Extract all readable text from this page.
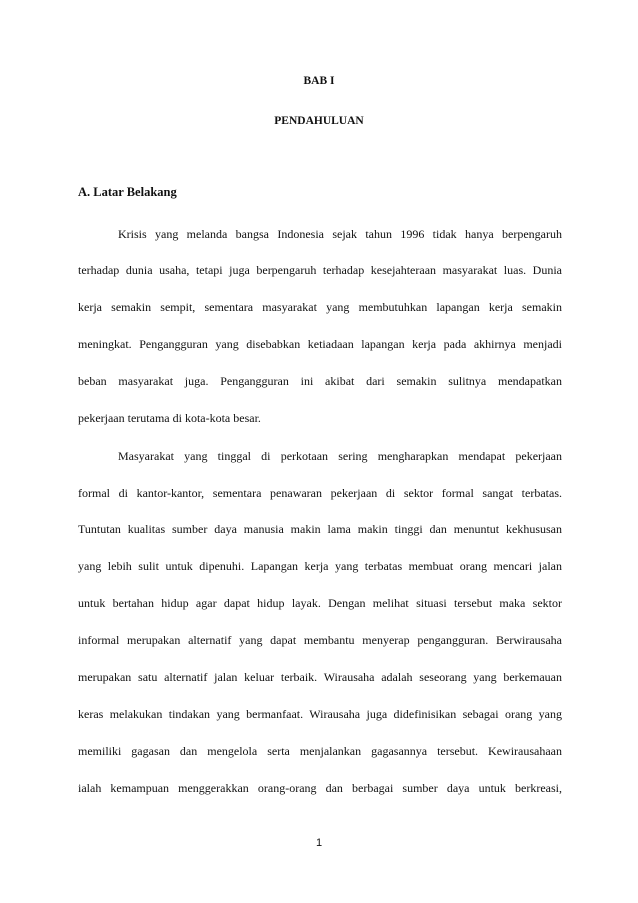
BAB I
PENDAHULUAN
A. Latar Belakang
Krisis yang melanda bangsa Indonesia sejak tahun 1996 tidak hanya berpengaruh
terhadap dunia usaha, tetapi juga berpengaruh terhadap kesejahteraan masyarakat luas. Dunia
kerja semakin sempit, sementara masyarakat yang membutuhkan lapangan kerja semakin
meningkat. Pengangguran yang disebabkan ketiadaan lapangan kerja pada akhirnya menjadi
beban masyarakat juga. Pengangguran ini akibat dari semakin sulitnya mendapatkan
pekerjaan terutama di kota-kota besar.
Masyarakat yang tinggal di perkotaan sering mengharapkan mendapat pekerjaan
formal di kantor-kantor, sementara penawaran pekerjaan di sektor formal sangat terbatas.
Tuntutan kualitas sumber daya manusia makin lama makin tinggi dan menuntut kekhususan
yang lebih sulit untuk dipenuhi. Lapangan kerja yang terbatas membuat orang mencari jalan
untuk bertahan hidup agar dapat hidup layak. Dengan melihat situasi tersebut maka sektor
informal merupakan alternatif yang dapat membantu menyerap pengangguran. Berwirausaha
merupakan satu alternatif jalan keluar terbaik. Wirausaha adalah seseorang yang berkemauan
keras melakukan tindakan yang bermanfaat. Wirausaha juga didefinisikan sebagai orang yang
memiliki gagasan dan mengelola serta menjalankan gagasannya tersebut. Kewirausahaan
ialah kemampuan menggerakkan orang-orang dan berbagai sumber daya untuk berkreasi,
1
